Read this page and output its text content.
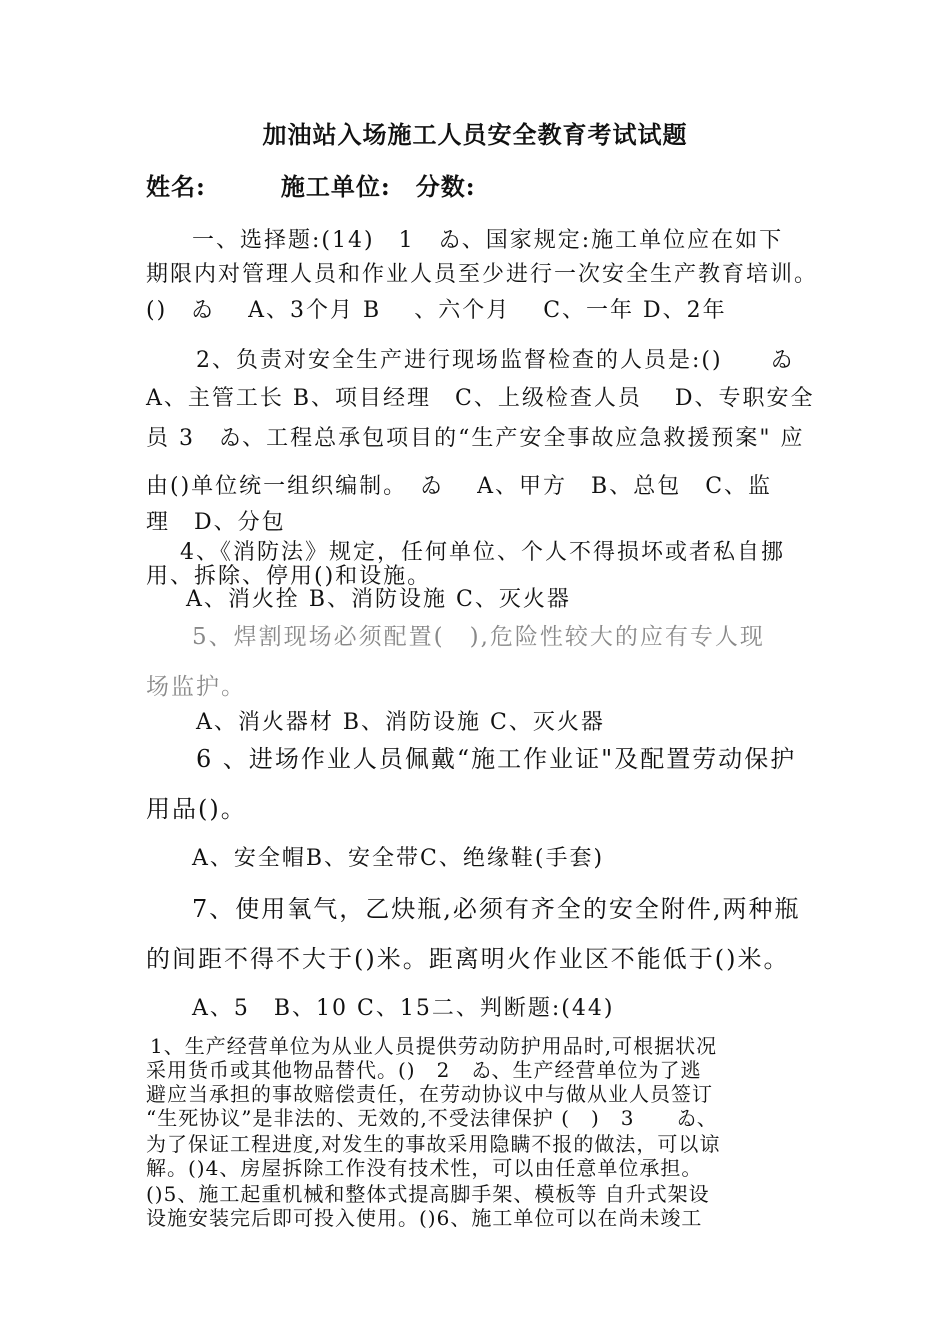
加油站入场施工人员安全教育考试试题
姓名:　　　施工单位:　分数:
一、选择题:(14)　1　ゐ、国家规定:施工单位应在如下
期限内对管理人员和作业人员至少进行一次安全生产教育培训。
()　ゐ　 A、3个月 B 　、六个月　 C、一年 D、2年
2、负责对安全生产进行现场监督检查的人员是:()　　ゐ
A、主管工长 B、项目经理　C、上级检查人员　 D、专职安全
员 3　ゐ、工程总承包项目的“生产安全事故应急救援预案" 应
由()单位统一组织编制。　ゐ　 A、甲方　B、总包　C、监
理　D、分包
4、《消防法》规定，任何单位、个人不得损坏或者私自挪
用、拆除、停用()和设施。
A、消火拴 B、消防设施 C、灭火器
5、焊割现场必须配置(　),危险性较大的应有专人现
场监护。
A、消火器材 B、消防设施 C、灭火器
6 、进场作业人员佩戴“施工作业证"及配置劳动保护
用品()。
A、安全帽B、安全带C、绝缘鞋(手套)
7、使用氧气，乙炔瓶,必须有齐全的安全附件,两种瓶
的间距不得不大于()米。距离明火作业区不能低于()米。
A、5　B、10 C、15二、判断题:(44)
1、生产经营单位为从业人员提供劳动防护用品时,可根据状况
采用货币或其他物品替代。()　2　ゐ、生产经营单位为了逃
避应当承担的事故赔偿责任，在劳动协议中与做从业人员签订
“生死协议”是非法的、无效的,不受法律保护 (　)　3　　ゐ、
为了保证工程进度,对发生的事故采用隐瞒不报的做法，可以谅
解。()4、房屋拆除工作没有技术性，可以由任意单位承担。
()5、施工起重机械和整体式提高脚手架、模板等 自升式架设
设施安装完后即可投入使用。()6、施工单位可以在尚未竣工
